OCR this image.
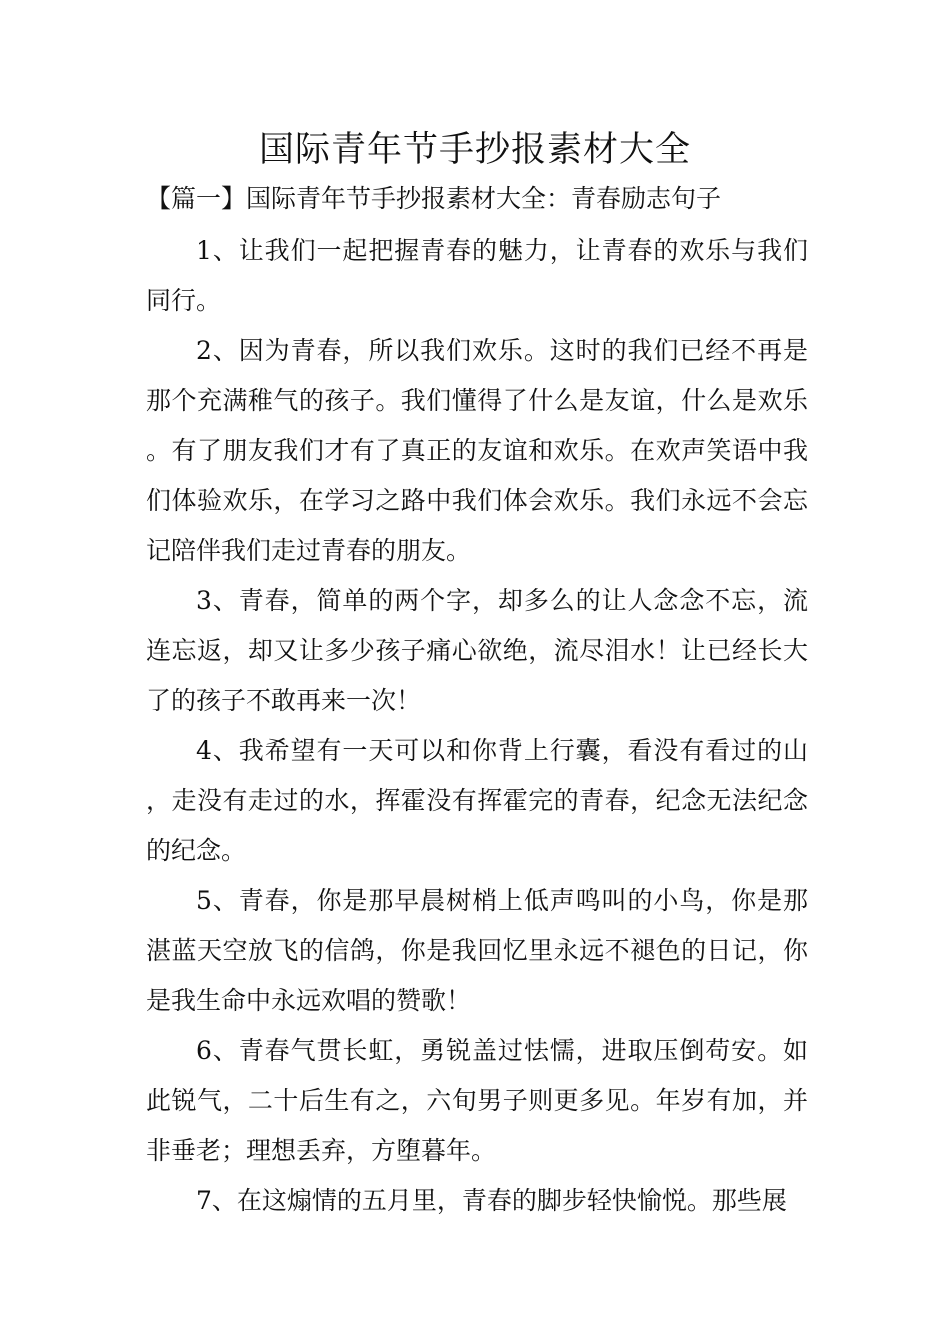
国际青年节手抄报素材大全
【篇一】国际青年节手抄报素材大全：青春励志句子

1、让我们一起把握青春的魅力，让青春的欢乐与我们同行。

2、因为青春，所以我们欢乐。这时的我们已经不再是那个充满稚气的孩子。我们懂得了什么是友谊，什么是欢乐。有了朋友我们才有了真正的友谊和欢乐。在欢声笑语中我们体验欢乐，在学习之路中我们体会欢乐。我们永远不会忘记陪伴我们走过青春的朋友。

3、青春，简单的两个字，却多么的让人念念不忘，流连忘返，却又让多少孩子痛心欲绝，流尽泪水！让已经长大了的孩子不敢再来一次！

4、我希望有一天可以和你背上行囊，看没有看过的山，走没有走过的水，挥霍没有挥霍完的青春，纪念无法纪念的纪念。

5、青春，你是那早晨树梢上低声鸣叫的小鸟，你是那湛蓝天空放飞的信鸽，你是我回忆里永远不褪色的日记，你是我生命中永远欢唱的赞歌！

6、青春气贯长虹，勇锐盖过怯懦，进取压倒苟安。如此锐气，二十后生有之，六旬男子则更多见。年岁有加，并非垂老；理想丢弃，方堕暮年。

7、在这煽情的五月里，青春的脚步轻快愉悦。那些展
